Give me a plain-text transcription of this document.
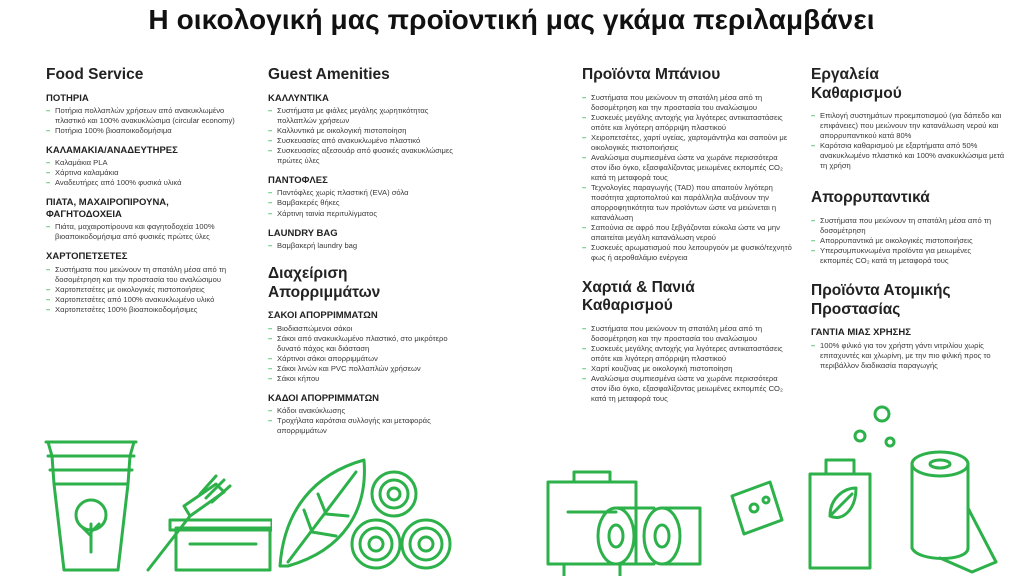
Η οικολογική μας προϊοντική μας γκάμα περιλαμβάνει
Food Service
ΠΟΤΗΡΙΑ
– Ποτήρια πολλαπλών χρήσεων από ανακυκλωμένο πλαστικό και 100% ανακυκλώσιμα (circular economy)
– Ποτήρια 100% βιοαποικοδομήσιμα
ΚΑΛΑΜΑΚΙΑ/ΑΝΑΔΕΥΤΗΡΕΣ
– Καλαμάκια PLA
– Χάρτινα καλαμάκια
– Αναδευτήρες από 100% φυσικά υλικά
ΠΙΑΤΑ, ΜΑΧΑΙΡΟΠΙΡΟΥΝΑ, ΦΑΓΗΤΟΔΟΧΕΙΑ
– Πιάτα, μαχαιροπίρουνα και φαγητοδοχεία 100% βιοαποικοδομήσιμα από φυσικές πρώτες ύλες
ΧΑΡΤΟΠΕΤΣΕΤΕΣ
– Συστήματα που μειώνουν τη σπατάλη μέσα από τη δοσομέτρηση και την προστασία του αναλώσιμου
– Χαρτοπετσέτες με οικολογικές πιστοποιήσεις
– Χαρτοπετσέτες από 100% ανακυκλωμένο υλικό
– Χαρτοπετσέτες 100% βιοαποικοδομήσιμες
Guest Amenities
ΚΑΛΛΥΝΤΙΚΑ
– Συστήματα με φιάλες μεγάλης χωρητικότητας πολλαπλών χρήσεων
– Καλλυντικά με οικολογική πιστοποίηση
– Συσκευασίες από ανακυκλωμένο πλαστικό
– Συσκευασίες αξεσουάρ από φυσικές ανακυκλώσιμες πρώτες ύλες
ΠΑΝΤΟΦΛΕΣ
– Παντόφλες χωρίς πλαστική (EVA) σόλα
– Βαμβακερές θήκες
– Χάρτινη ταινία περιτυλίγματος
LAUNDRY BAG
– Βαμβακερή laundry bag
Διαχείριση Απορριμμάτων
ΣΑΚΟΙ ΑΠΟΡΡΙΜΜΑΤΩΝ
– Βιοδιασπώμενοι σάκοι
– Σάκοι από ανακυκλωμένο πλαστικό, στο μικρότερο δυνατό πάχος και διάσταση
– Χάρτινοι σάκοι απορριμμάτων
– Σάκοι λινών και PVC πολλαπλών χρήσεων
– Σάκοι κήπου
ΚΑΔΟΙ ΑΠΟΡΡΙΜΜΑΤΩΝ
– Κάδοι ανακύκλωσης
– Τροχήλατα καρότσια συλλογής και μεταφοράς απορριμμάτων
Προϊόντα Μπάνιου
– Συστήματα που μειώνουν τη σπατάλη μέσα από τη δοσομέτρηση και την προστασία του αναλώσιμου
– Συσκευές μεγάλης αντοχής για λιγότερες αντικαταστάσεις οπότε και λιγότερη απόρριψη πλαστικού
– Χειροπετσέτες, χαρτί υγείας, χαρτομάντηλα και σαπούνι με οικολογικές πιστοποιήσεις
– Αναλώσιμα συμπιεσμένα ώστε να χωράνε περισσότερα στον ίδιο όγκο, εξασφαλίζοντας μειωμένες εκπομπές CO₂ κατά τη μεταφορά τους
– Τεχνολογίες παραγωγής (TAD) που απαιτούν λιγότερη ποσότητα χαρτοπολτού και παράλληλα αυξάνουν την απορροφητικότητα των προϊόντων ώστε να μειώνεται η κατανάλωση
– Σαπούνια σε αφρό που ξεβγάζονται εύκολα ώστε να μην απαιτείται μεγάλη κατανάλωση νερού
– Συσκευές αρωματισμού που λειτουργούν με φυσικό/τεχνητό φως ή αεροθαλάμιο ενέργεια
Χαρτιά & Πανιά Καθαρισμού
– Συστήματα που μειώνουν τη σπατάλη μέσα από τη δοσομέτρηση και την προστασία του αναλώσιμου
– Συσκευές μεγάλης αντοχής για λιγότερες αντικαταστάσεις οπότε και λιγότερη απόρριψη πλαστικού
– Χαρτί κουζίνας με οικολογική πιστοποίηση
– Αναλώσιμα συμπιεσμένα ώστε να χωράνε περισσότερα στον ίδιο όγκο, εξασφαλίζοντας μειωμένες εκπομπές CO₂ κατά τη μεταφορά τους
Εργαλεία Καθαρισμού
– Επιλογή συστημάτων προεμποτισμού (για δάπεδο και επιφάνειες) που μειώνουν την κατανάλωση νερού και απορρυπαντικού κατά 80%
– Καρότσια καθαρισμού με εξαρτήματα από 50% ανακυκλωμένο πλαστικό και 100% ανακυκλώσιμα μετά τη χρήση
Απορρυπαντικά
– Συστήματα που μειώνουν τη σπατάλη μέσα από τη δοσομέτρηση
– Απορρυπαντικά με οικολογικές πιστοποιήσεις
– Υπερσυμπυκνωμένα προϊόντα για μειωμένες εκπομπές CO₂ κατά τη μεταφορά τους
Προϊόντα Ατομικής Προστασίας
ΓΑΝΤΙΑ ΜΙΑΣ ΧΡΗΣΗΣ
– 100% φιλικό για τον χρήστη γάντι νιτριλίου χωρίς επιταχυντές και χλωρίνη, με την πιο φιλική προς το περιβάλλον διαδικασία παραγωγής
